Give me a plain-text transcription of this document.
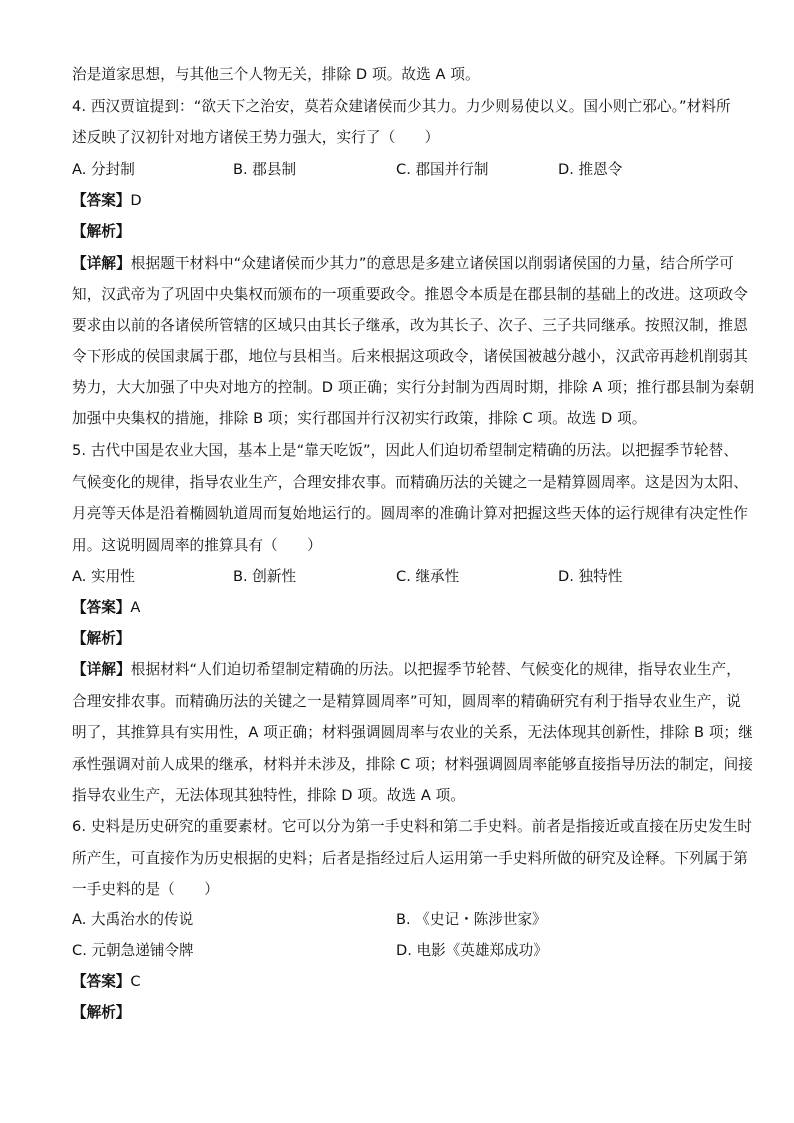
治是道家思想，与其他三个人物无关，排除 D 项。故选 A 项。
4. 西汉贾谊提到：“欲天下之治安，莫若众建诸侯而少其力。力少则易使以义。国小则亡邪心。”材料所
述反映了汉初针对地方诸侯王势力强大，实行了（　　）
A. 分封制	B. 郡县制	C. 郡国并行制	D. 推恩令
【答案】D
【解析】
【详解】根据题干材料中“众建诸侯而少其力”的意思是多建立诸侯国以削弱诸侯国的力量，结合所学可
知，汉武帝为了巩固中央集权而颁布的一项重要政令。推恩令本质是在郡县制的基础上的改进。这项政令
要求由以前的各诸侯所管辖的区域只由其长子继承，改为其长子、次子、三子共同继承。按照汉制，推恩
令下形成的侯国隶属于郡，地位与县相当。后来根据这项政令，诸侯国被越分越小，汉武帝再趁机削弱其
势力，大大加强了中央对地方的控制。D 项正确；实行分封制为西周时期，排除 A 项；推行郡县制为秦朝
加强中央集权的措施，排除 B 项；实行郡国并行汉初实行政策，排除 C 项。故选 D 项。
5. 古代中国是农业大国，基本上是“靠天吃饭”，因此人们迫切希望制定精确的历法。以把握季节轮替、
气候变化的规律，指导农业生产，合理安排农事。而精确历法的关键之一是精算圆周率。这是因为太阳、
月亮等天体是沿着椭圆轨道周而复始地运行的。圆周率的准确计算对把握这些天体的运行规律有决定性作
用。这说明圆周率的推算具有（　　）
A. 实用性	B. 创新性	C. 继承性	D. 独特性
【答案】A
【解析】
【详解】根据材料“人们迫切希望制定精确的历法。以把握季节轮替、气候变化的规律，指导农业生产，
合理安排农事。而精确历法的关键之一是精算圆周率”可知，圆周率的精确研究有利于指导农业生产，说
明了，其推算具有实用性，A 项正确；材料强调圆周率与农业的关系，无法体现其创新性，排除 B 项；继
承性强调对前人成果的继承，材料并未涉及，排除 C 项；材料强调圆周率能够直接指导历法的制定，间接
指导农业生产，无法体现其独特性，排除 D 项。故选 A 项。
6. 史料是历史研究的重要素材。它可以分为第一手史料和第二手史料。前者是指接近或直接在历史发生时
所产生，可直接作为历史根据的史料；后者是指经过后人运用第一手史料所做的研究及诠释。下列属于第
一手史料的是（　　）
A. 大禹治水的传说	B. 《史记・陈涉世家》
C. 元朝急递铺令牌	D. 电影《英雄郑成功》
【答案】C
【解析】
